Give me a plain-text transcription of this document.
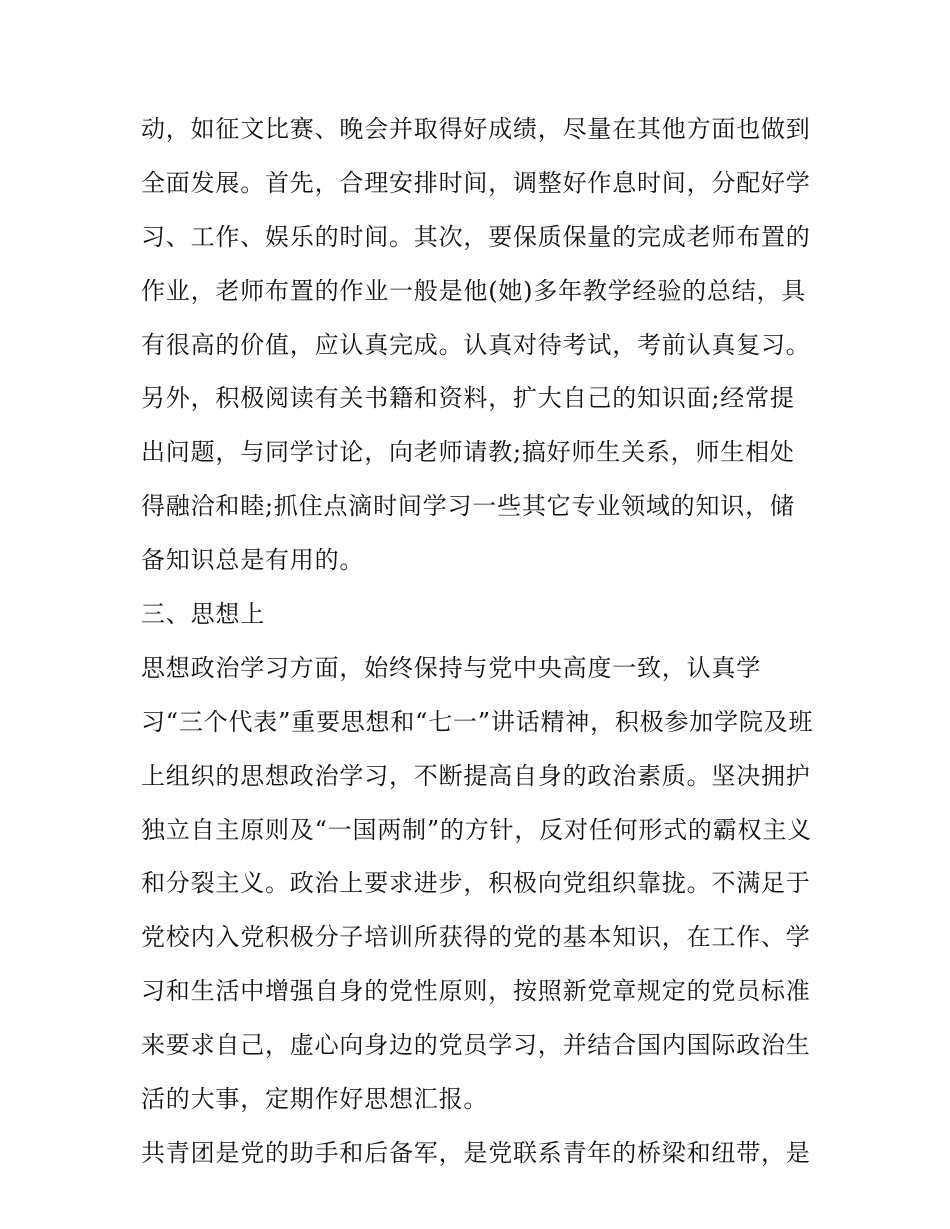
动，如征文比赛、晚会并取得好成绩，尽量在其他方面也做到
全面发展。首先，合理安排时间，调整好作息时间，分配好学
习、工作、娱乐的时间。其次，要保质保量的完成老师布置的
作业，老师布置的作业一般是他(她)多年教学经验的总结，具
有很高的价值，应认真完成。认真对待考试，考前认真复习。
另外，积极阅读有关书籍和资料，扩大自己的知识面;经常提
出问题，与同学讨论，向老师请教;搞好师生关系，师生相处
得融洽和睦;抓住点滴时间学习一些其它专业领域的知识，储
备知识总是有用的。
三、思想上
思想政治学习方面，始终保持与党中央高度一致，认真学
习“三个代表”重要思想和“七一”讲话精神，积极参加学院及班
上组织的思想政治学习，不断提高自身的政治素质。坚决拥护
独立自主原则及“一国两制”的方针，反对任何形式的霸权主义
和分裂主义。政治上要求进步，积极向党组织靠拢。不满足于
党校内入党积极分子培训所获得的党的基本知识，在工作、学
习和生活中增强自身的党性原则，按照新党章规定的党员标准
来要求自己，虚心向身边的党员学习，并结合国内国际政治生
活的大事，定期作好思想汇报。
共青团是党的助手和后备军，是党联系青年的桥梁和纽带，是
